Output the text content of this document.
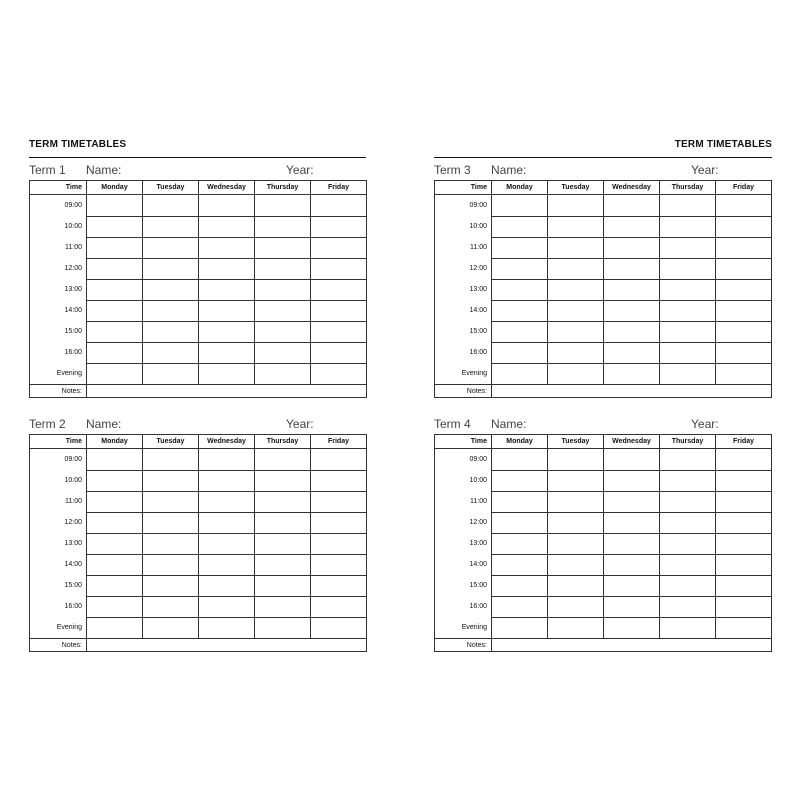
TERM TIMETABLES	TERM TIMETABLES
Term 1 Name:	Year:
Time	Monday	Tuesday	Wednesday	Thursday	Friday
09:00					
10:00					
11:00					
12:00					
13:00					
14:00					
15:00					
16:00					
Evening					
Notes:					
Term 3 Name:	Year:
Time	Monday	Tuesday	Wednesday	Thursday	Friday
09:00					
10:00					
11:00					
12:00					
13:00					
14:00					
15:00					
16:00					
Evening					
Notes:					
Term 2 Name:	Year:
Time	Monday	Tuesday	Wednesday	Thursday	Friday
09:00					
10:00					
11:00					
12:00					
13:00					
14:00					
15:00					
16:00					
Evening					
Notes:					
Term 4 Name:	Year:
Time	Monday	Tuesday	Wednesday	Thursday	Friday
09:00					
10:00					
11:00					
12:00					
13:00					
14:00					
15:00					
16:00					
Evening					
Notes:					
